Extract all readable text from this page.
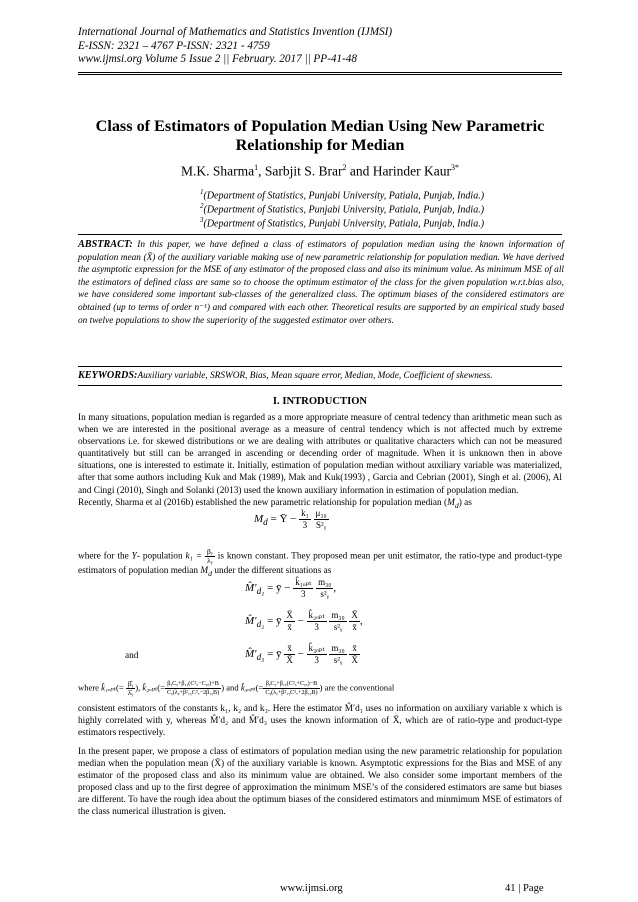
International Journal of Mathematics and Statistics Invention (IJMSI)
E-ISSN: 2321 – 4767 P-ISSN: 2321 - 4759
www.ijmsi.org Volume 5 Issue 2 || February. 2017 || PP-41-48
Class of Estimators of Population Median Using New Parametric
Relationship for Median
M.K. Sharma$^1$, Sarbjit S. Brar$^2$ and Harinder Kaur$^{3*}$
$^1$(Department of Statistics, Punjabi University, Patiala, Punjab, India.)
$^2$(Department of Statistics, Punjabi University, Patiala, Punjab, India.)
$^3$(Department of Statistics, Punjabi University, Patiala, Punjab, India.)
ABSTRACT: In this paper, we have defined a class of estimators of population median using the known information of population mean (X̄) of the auxiliary variable making use of new parametric relationship for population median. We have derived the asymptotic expression for the MSE of any estimator of the proposed class and also its minimum value. As minimum MSE of all the estimators of defined class are same so to choose the optimum estimator of the class for the given population w.r.t.bias also, we have considered some important sub-classes of the generalized class. The optimum biases of the considered estimators are obtained (up to terms of order n⁻¹) and compared with each other. Theoretical results are supported by an empirical study based on twelve populations to show the superiority of the suggested estimator over others.
KEYWORDS:Auxiliary variable, SRSWOR, Bias, Mean square error, Median, Mode, Coefficient of skewness.
I. INTRODUCTION

In many situations, population median is regarded as a more appropriate measure of central tedency than arithmetic mean such as when we are interested in the positional average as a measure of central tendency which is not affected much by extreme observations i.e. for skewed distributions or we are dealing with attributes or qualitative characters which can not be measured quantitatively but still can be arranged in ascending or decending order of magnitude. When it is unknown then in above situations, one is interested to estimate it. Initially, estimation of population median without auxiliary variable was materialized, after that some authors including Kuk and Mak (1989), Mak and Kuk(1993) , Garcia and Cebrian (2001), Singh et al. (2006), Al and Cingi (2010), Singh and Solanki (2013) used the known auxiliary information in estimation of population median.

Recently, Sharma et al (2016b) established the new parametric relationship for population median $(M_d)$ as
$M_d$ = Ȳ − $\frac{\text{k₁}}{3}$
$\frac{\text{μ₃₀}}{\text{S²ᵧ}}$
where for the Y- population $k_1 = \frac{\text{βᵧ}}{\text{λᵧ}}$ is known constant. They proposed mean per unit estimator, the ratio-type and product-type estimators of population median $M_d$ under the different situations as
$M̂'_{d_1}$ = ȳ − $\frac{\text{k̂₁ₒₚₜ}}{3}$
$\frac{\text{m₃₀}}{\text{s²ᵧ}}$ ,
$M̂'_{d_2}$ = ȳ $\frac{X̄}{x̄} - \frac{\text{k̂₂ₒₚₜ}}{3}$
$\frac{\text{m₃₀}}{\text{s²ᵧ}}$
$\frac{X̄}{x̄}$ ,
and	$M̂'_{d_3}$ = ȳ $\frac{x̄}{X̄} - \frac{\text{k̂₃ₒₚₜ}}{3}$
$\frac{\text{m₃₀}}{\text{s²ᵧ}}$
$\frac{x̄}{X̄}$
where k̂₁ₒₚₜ(= $\frac{\text{β̂ᵧ}}{\text{λ̂ᵧ}}$ ), k̂₂ₒₚₜ(= $\frac{\text{βᵧCᵧ+β₁ᵧ(C²ₓ−Cᵧₓ)+B}}{\text{Cᵧ(λᵧ+β²₁ᵧC²ₓ−2β₁ᵧB)}}$ ) and k̂₃ₒₚₜ(= $\frac{\text{βᵧCᵧ+β₁ᵧ(C²ₓ+Cᵧₓ)−B}}{\text{Cᵧ(λᵧ+β²₁ᵧC²ₓ+2β₁ᵧB)}}$ ) are the conventional

consistent estimators of the constants k₁, k₂ and k₃. Here the estimator M̂′d₁ uses no information on auxiliary variable x which is highly correlated with y, whereas M̂′d₂ and M̂′d₃ uses the known information of X̄, which are of ratio-type and product-type estimators respectively.

In the present paper, we propose a class of estimators of population median using the new parametric relationship for population median when the population mean (X̄) of the auxiliary variable is known. Asymptotic expressions for the Bias and MSE of any estimator of the proposed class and also its minimum value are obtained. We also consider some important members of the proposed class and up to the first degree of approximation the minimum MSE’s of the considered estimators are same but biases are different. To have the rough idea about the optimum biases of the considered estimators and minmimum MSE of estimators of the class numerical illustration is given.

www.ijmsi.org	41 | Page
